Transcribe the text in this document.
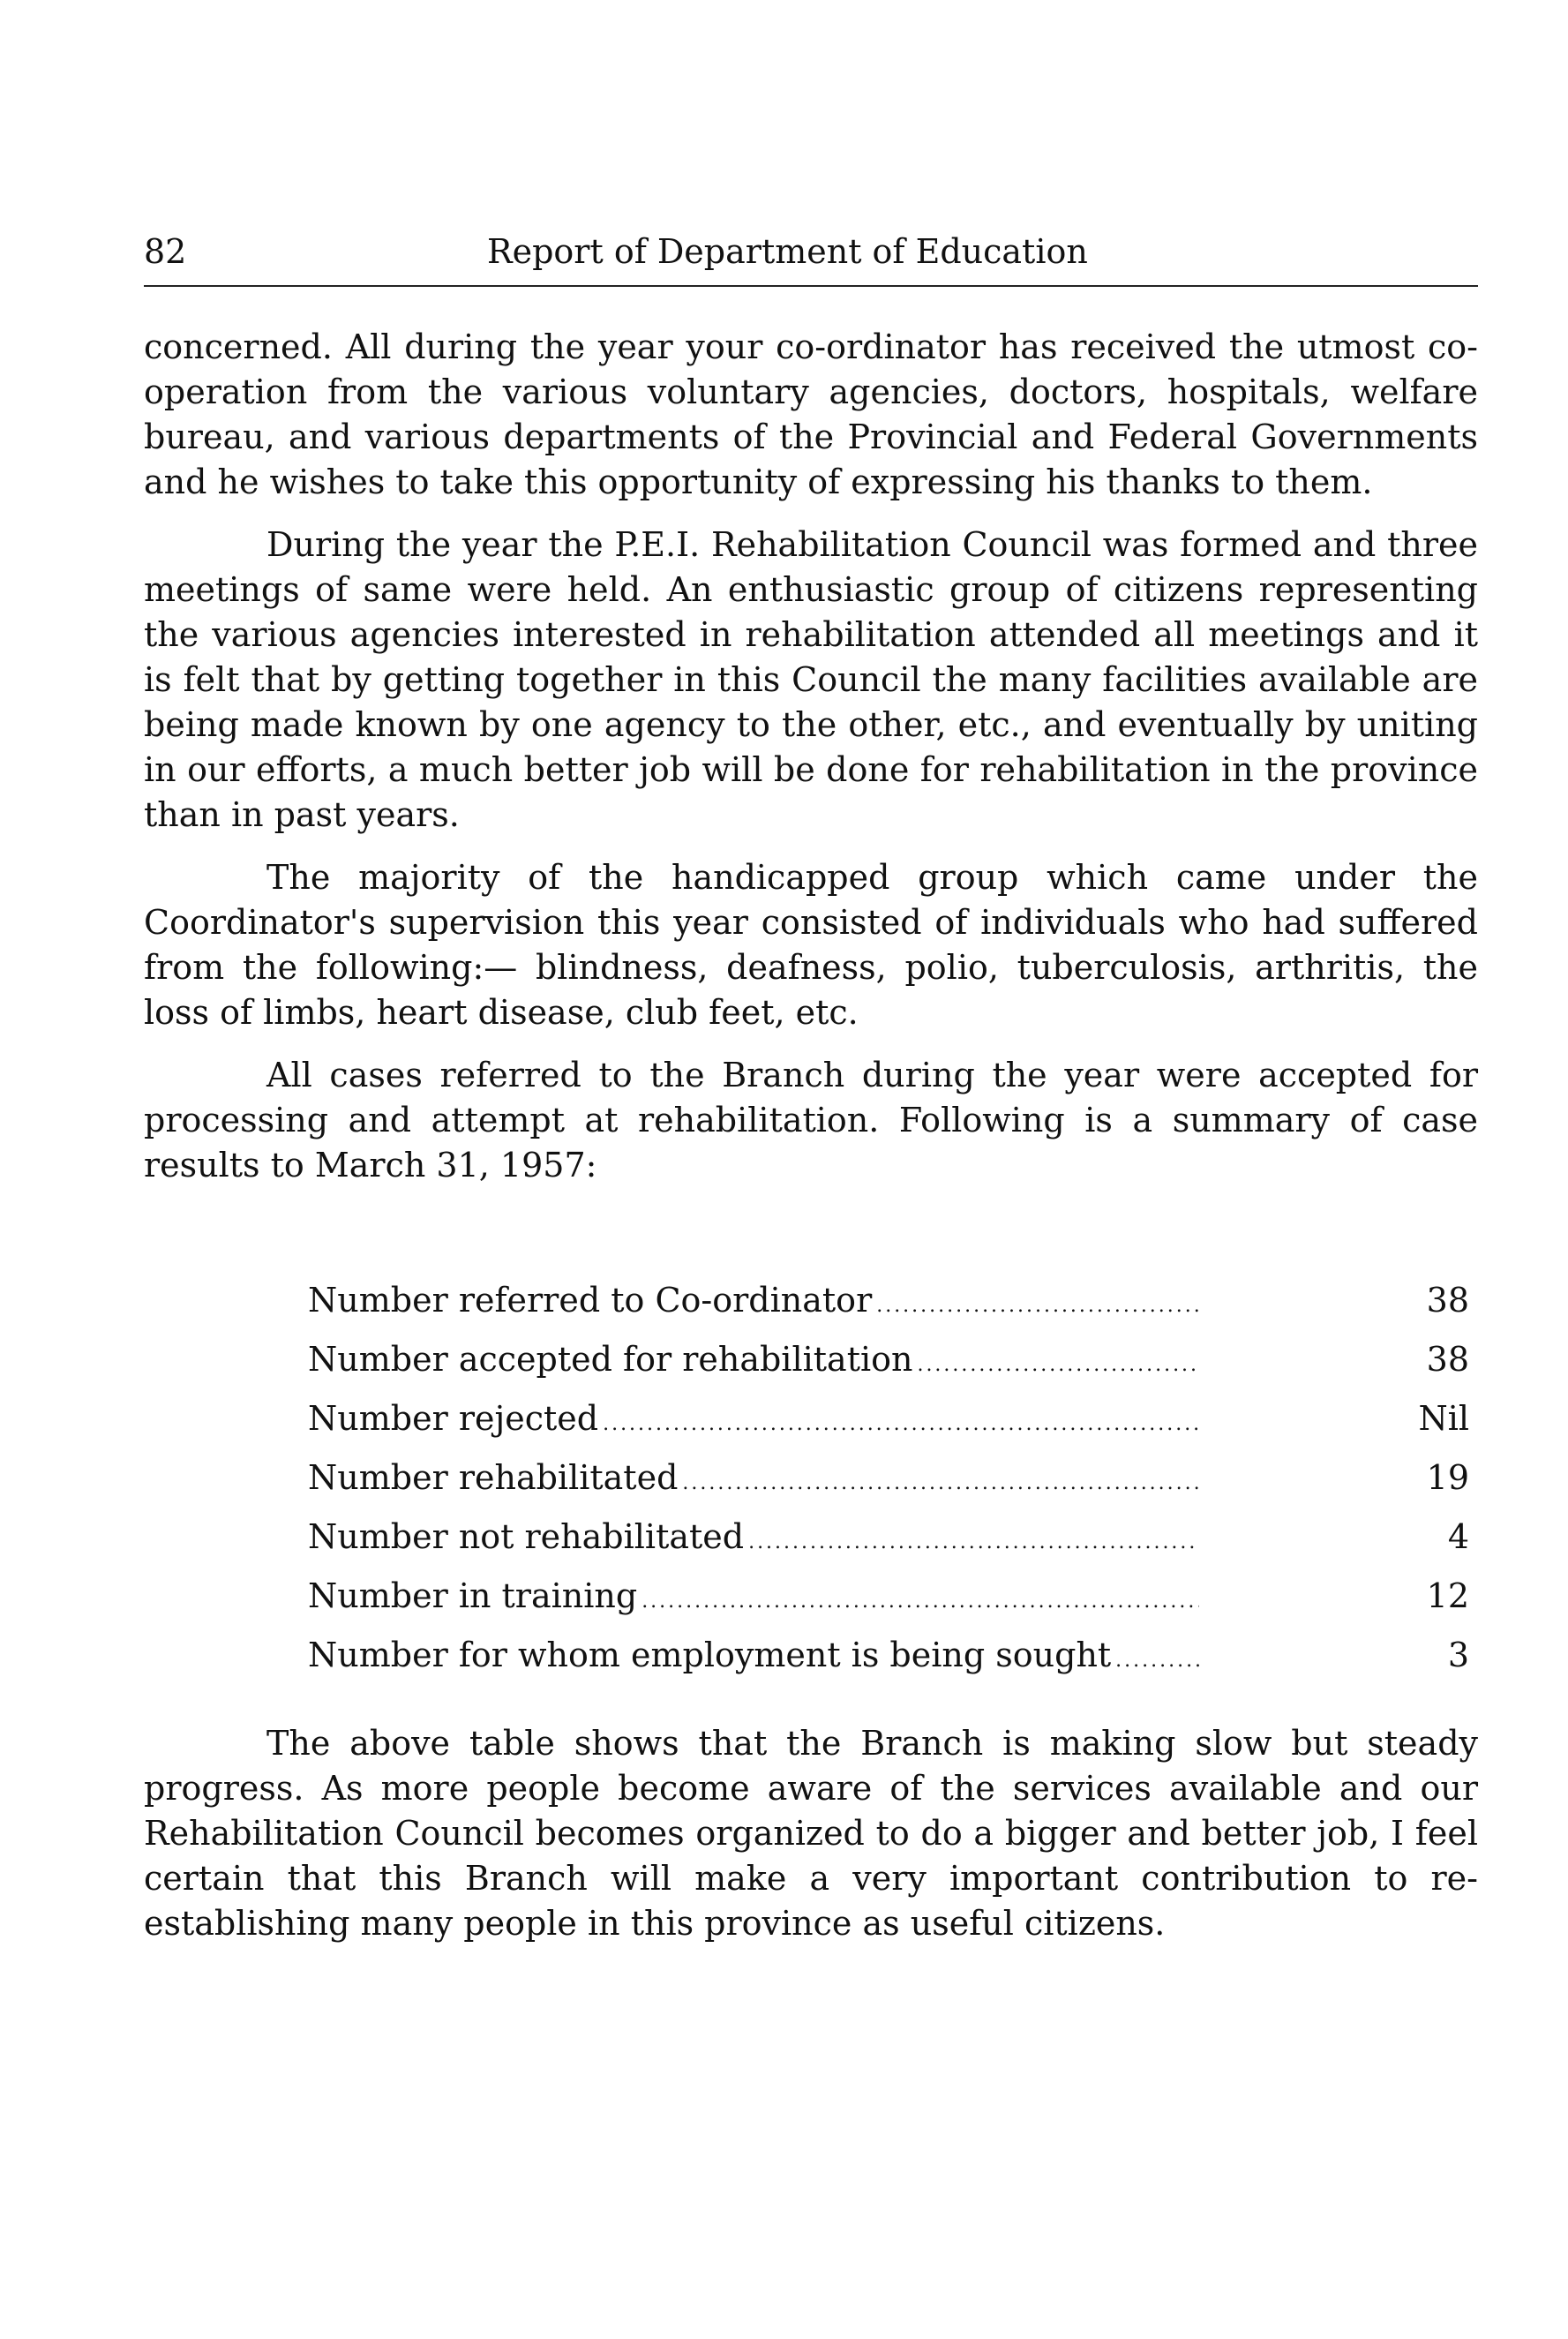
82	Report of Department of Education

concerned. All during the year your co-ordinator has received the utmost co-operation from the various voluntary agencies, doctors, hospitals, welfare bureau, and various departments of the Provincial and Federal Governments and he wishes to take this opportunity of expressing his thanks to them.

During the year the P.E.I. Rehabilitation Council was formed and three meetings of same were held. An enthusiastic group of citizens representing the various agencies interested in rehabilitation attended all meetings and it is felt that by getting together in this Council the many facilities available are being made known by one agency to the other, etc., and eventually by uniting in our efforts, a much better job will be done for rehabilitation in the province than in past years.

The majority of the handicapped group which came under the Coordinator's supervision this year consisted of individuals who had suffered from the following:— blindness, deafness, polio, tuberculosis, arthritis, the loss of limbs, heart disease, club feet, etc.

All cases referred to the Branch during the year were accepted for processing and attempt at rehabilitation. Following is a summary of case results to March 31, 1957:

Number referred to Co-ordinator . . .	38
Number accepted for rehabilitation . . .	38
Number rejected . . .	Nil
Number rehabilitated . . .	19
Number not rehabilitated . . .	4
Number in training . . .	12
Number for whom employment is being sought . . .	3

The above table shows that the Branch is making slow but steady progress. As more people become aware of the services available and our Rehabilitation Council becomes organized to do a bigger and better job, I feel certain that this Branch will make a very important contribution to re-establishing many people in this province as useful citizens.
